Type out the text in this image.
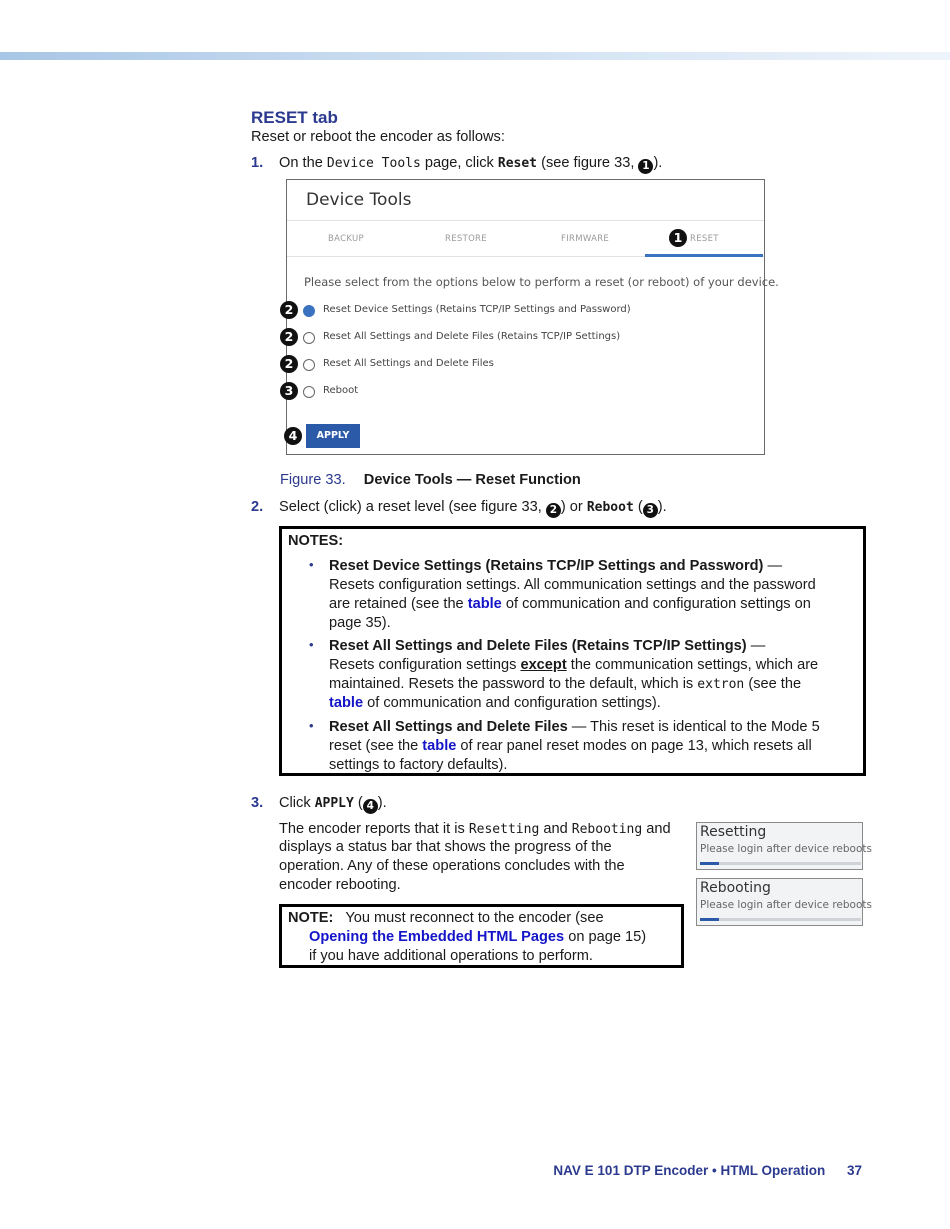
RESET tab
Reset or reboot the encoder as follows:
1. On the Device Tools page, click Reset (see figure 33, 1 ).
Device Tools
BACKUP	RESTORE	FIRMWARE	RESET
1
Please select from the options below to perform a reset (or reboot) of your device.
2	Reset Device Settings (Retains TCP/IP Settings and Password)
2	Reset All Settings and Delete Files (Retains TCP/IP Settings)
2	Reset All Settings and Delete Files
3	Reboot
4	APPLY
Figure 33. Device Tools — Reset Function
2. Select (click) a reset level (see figure 33, 2 ) or Reboot ( 3 ).
NOTES:
• Reset Device Settings (Retains TCP/IP Settings and Password) —
Resets configuration settings. All communication settings and the password
are retained (see the table of communication and configuration settings on
page 35).
• Reset All Settings and Delete Files (Retains TCP/IP Settings) —
Resets configuration settings except the communication settings, which are
maintained. Resets the password to the default, which is extron (see the
table of communication and configuration settings).
• Reset All Settings and Delete Files — This reset is identical to the Mode 5
reset (see the table of rear panel reset modes on page 13, which resets all
settings to factory defaults).
3. Click APPLY ( 4 ).
The encoder reports that it is Resetting and Rebooting and
displays a status bar that shows the progress of the
operation. Any of these operations concludes with the
encoder rebooting.
NOTE: You must reconnect to the encoder (see
Opening the Embedded HTML Pages on page 15)
if you have additional operations to perform.
Resetting
Please login after device reboots
Rebooting
Please login after device reboots
NAV E 101 DTP Encoder • HTML Operation 37
